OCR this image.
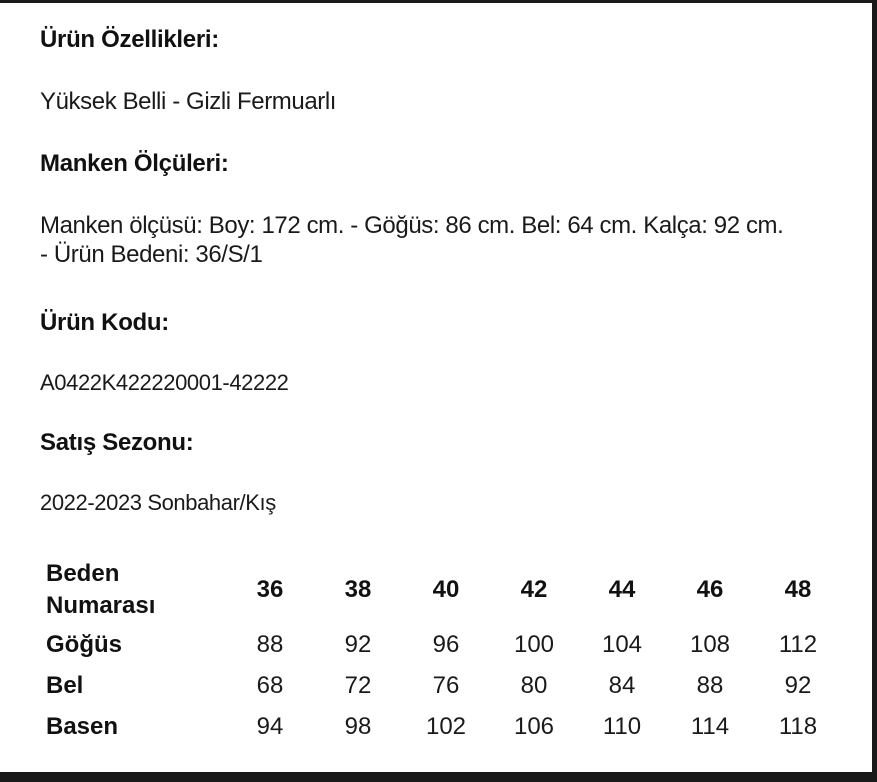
Ürün Özellikleri:
Yüksek Belli - Gizli Fermuarlı
Manken Ölçüleri:
Manken ölçüsü: Boy: 172 cm. - Göğüs: 86 cm. Bel: 64 cm. Kalça: 92 cm.
- Ürün Bedeni: 36/S/1
Ürün Kodu:
A0422K422220001-42222
Satış Sezonu:
2022-2023 Sonbahar/Kış
Beden
Numarası	36	38	40	42	44	46	48
Göğüs	88	92	96	100	104	108	112
Bel	68	72	76	80	84	88	92
Basen	94	98	102	106	110	114	118
